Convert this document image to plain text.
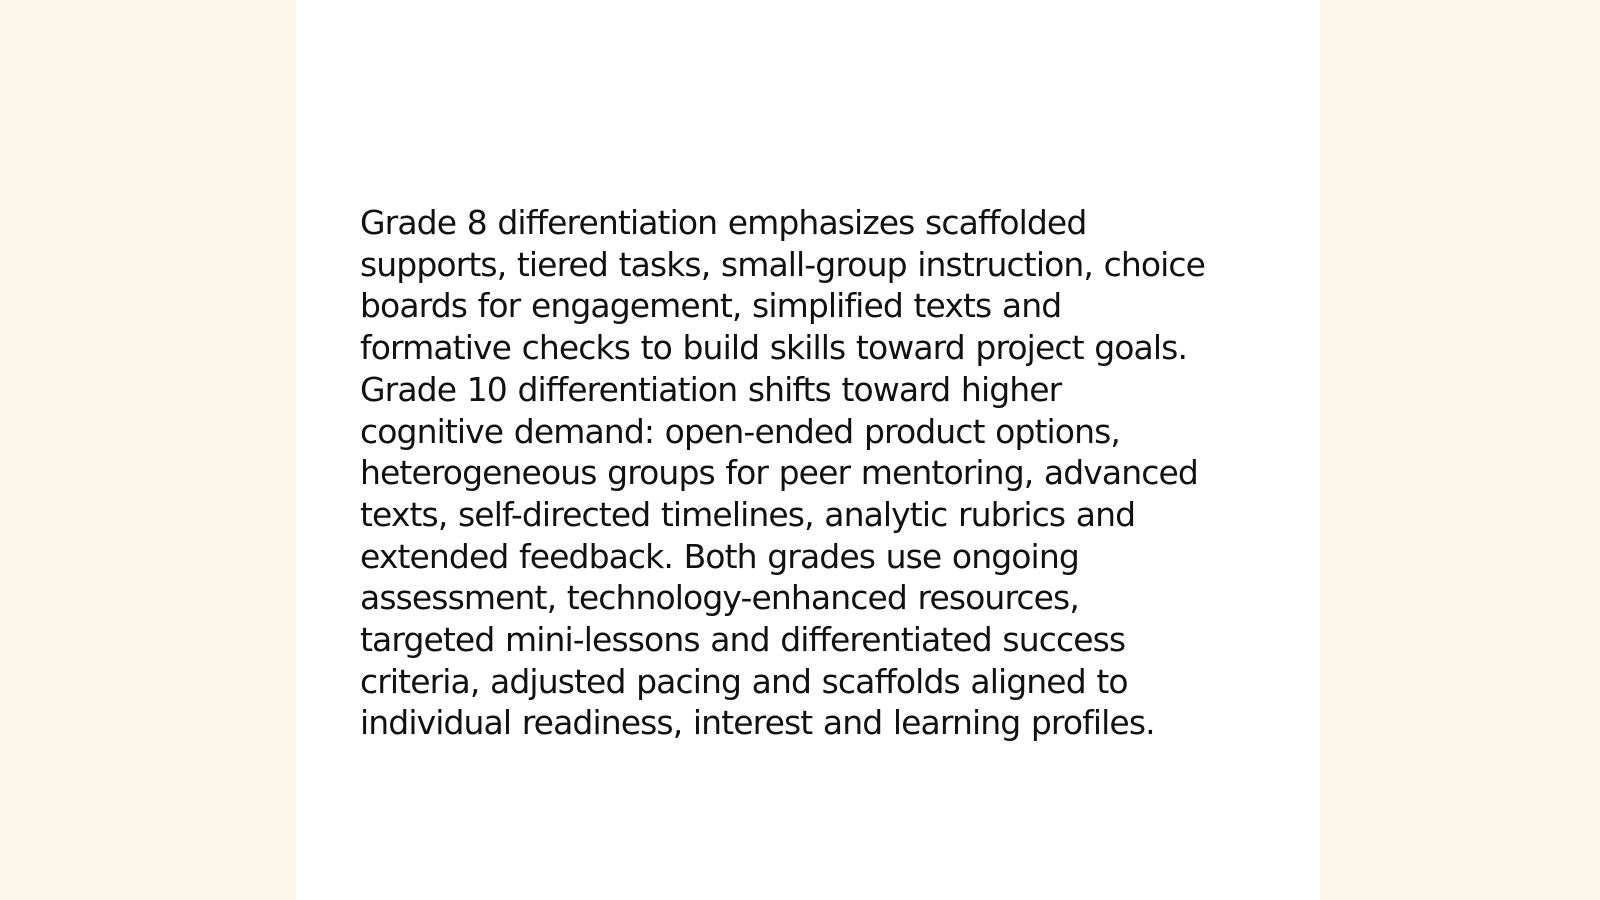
Grade 8 differentiation emphasizes scaffolded
supports, tiered tasks, small-group instruction, choice
boards for engagement, simplified texts and
formative checks to build skills toward project goals.
Grade 10 differentiation shifts toward higher
cognitive demand: open-ended product options,
heterogeneous groups for peer mentoring, advanced
texts, self-directed timelines, analytic rubrics and
extended feedback. Both grades use ongoing
assessment, technology-enhanced resources,
targeted mini-lessons and differentiated success
criteria, adjusted pacing and scaffolds aligned to
individual readiness, interest and learning profiles.
